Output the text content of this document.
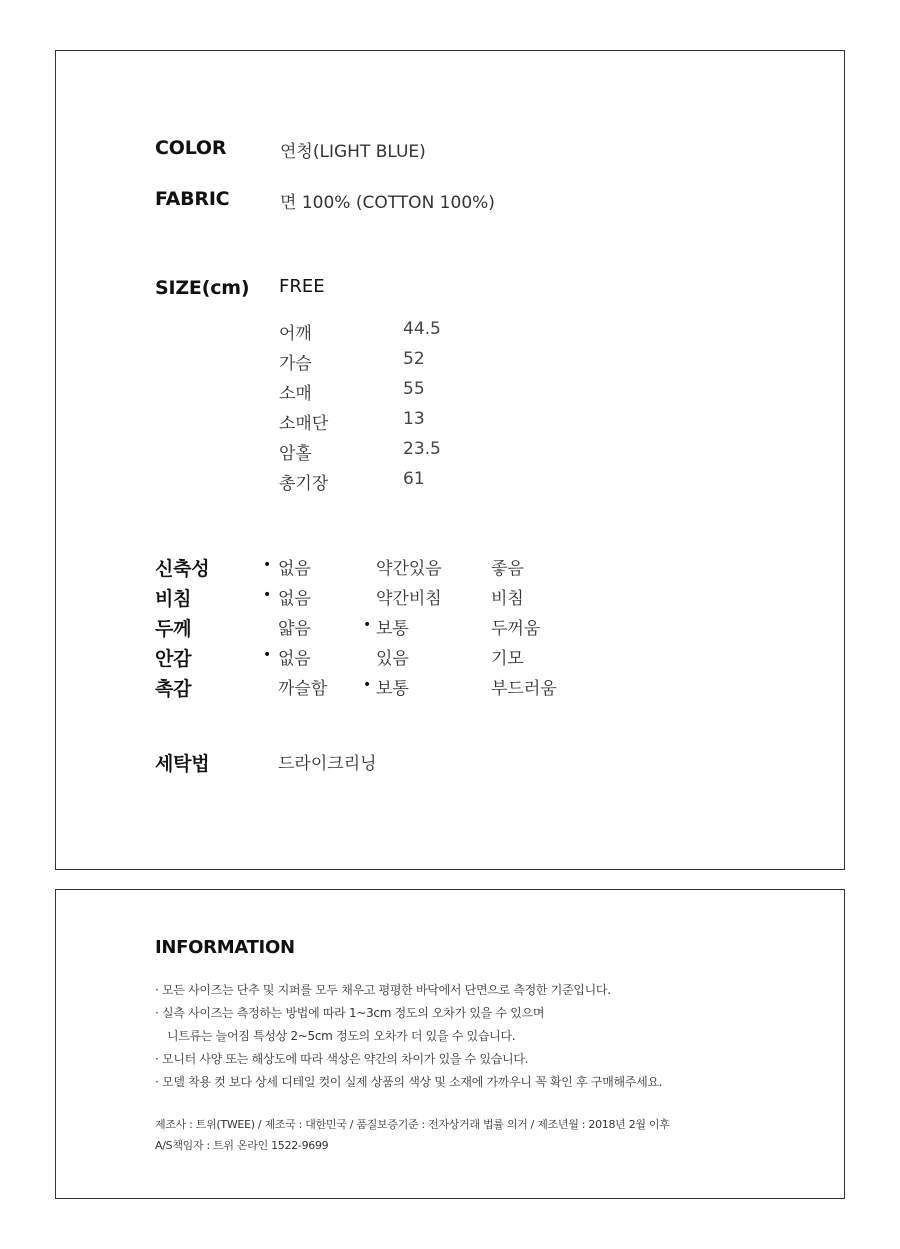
COLOR	연청(LIGHT BLUE)
FABRIC	면 100% (COTTON 100%)
SIZE(cm) FREE
어깨	44.5
가슴	52
소매	55
소매단	13
암홀	23.5
총기장	61
신축성	• 없음	약간있음	좋음
비침	• 없음	약간비침	비침
두께	얇음	• 보통	두꺼움
안감	• 없음	있음	기모
촉감	까슬함	• 보통	부드러움
세탁법	드라이크리닝
INFORMATION
· 모든 사이즈는 단추 및 지퍼를 모두 채우고 평평한 바닥에서 단면으로 측정한 기준입니다.
· 실측 사이즈는 측정하는 방법에 따라 1~3cm 정도의 오차가 있을 수 있으며
니트류는 늘어짐 특성상 2~5cm 정도의 오차가 더 있을 수 있습니다.
· 모니터 사양 또는 해상도에 따라 색상은 약간의 차이가 있을 수 있습니다.
· 모델 착용 컷 보다 상세 디테일 컷이 실제 상품의 색상 및 소재에 가까우니 꼭 확인 후 구매해주세요.
제조사 : 트위(TWEE) / 제조국 : 대한민국 / 품질보증기준 : 전자상거래 법률 의거 / 제조년월 : 2018년 2월 이후
A/S책임자 : 트위 온라인 1522-9699
